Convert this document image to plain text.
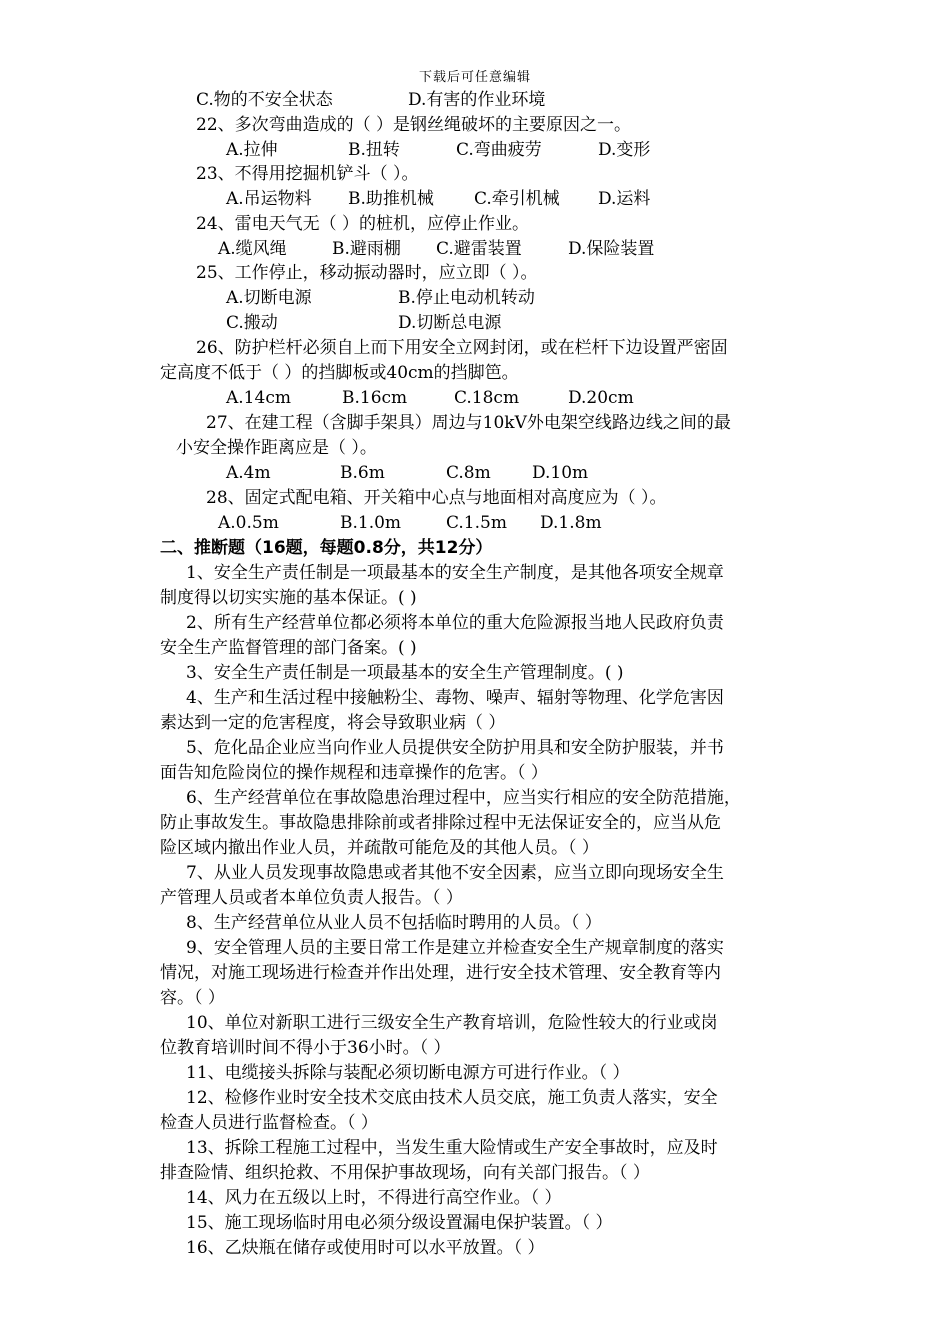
下载后可任意编辑
C.物的不安全状态	D.有害的作业环境
22、多次弯曲造成的（ ）是钢丝绳破坏的主要原因之一。
A.拉伸	B.扭转	C.弯曲疲劳	D.变形
23、不得用挖掘机铲斗（ ）。
A.吊运物料 B.助推机械 C.牵引机械 D.运料
24、雷电天气无（ ）的桩机，应停止作业。
A.缆风绳	B.避雨棚 C.避雷装置	D.保险装置
25、工作停止，移动振动器时，应立即（ ）。
A.切断电源	B.停止电动机转动
C.搬动	D.切断总电源
26、防护栏杆必须自上而下用安全立网封闭，或在栏杆下边设置严密固
定高度不低于（ ）的挡脚板或40cm的挡脚笆。
A.14cm	B.16cm	C.18cm	D.20cm
27、在建工程（含脚手架具）周边与10kV外电架空线路边线之间的最
小安全操作距离应是（ ）。
A.4m	B.6m	C.8m D.10m
28、固定式配电箱、开关箱中心点与地面相对高度应为（ ）。
A.0.5m	B.1.0m	C.1.5m D.1.8m
二、推断题（16题，每题0.8分，共12分）
1、安全生产责任制是一项最基本的安全生产制度，是其他各项安全规章
制度得以切实实施的基本保证。( )
2、所有生产经营单位都必须将本单位的重大危险源报当地人民政府负责
安全生产监督管理的部门备案。( )
3、安全生产责任制是一项最基本的安全生产管理制度。( )
4、生产和生活过程中接触粉尘、毒物、噪声、辐射等物理、化学危害因
素达到一定的危害程度，将会导致职业病（ ）
5、危化品企业应当向作业人员提供安全防护用具和安全防护服装，并书
面告知危险岗位的操作规程和违章操作的危害。（ ）
6、生产经营单位在事故隐患治理过程中，应当实行相应的安全防范措施，
防止事故发生。事故隐患排除前或者排除过程中无法保证安全的，应当从危
险区域内撤出作业人员，并疏散可能危及的其他人员。（ ）
7、从业人员发现事故隐患或者其他不安全因素，应当立即向现场安全生
产管理人员或者本单位负责人报告。（ ）
8、生产经营单位从业人员不包括临时聘用的人员。（ ）
9、安全管理人员的主要日常工作是建立并检查安全生产规章制度的落实
情况，对施工现场进行检查并作出处理，进行安全技术管理、安全教育等内
容。（ ）
10、单位对新职工进行三级安全生产教育培训，危险性较大的行业或岗
位教育培训时间不得小于36小时。（ ）
11、电缆接头拆除与装配必须切断电源方可进行作业。（ ）
12、检修作业时安全技术交底由技术人员交底，施工负责人落实，安全
检查人员进行监督检查。（ ）
13、拆除工程施工过程中，当发生重大险情或生产安全事故时，应及时
排查险情、组织抢救、不用保护事故现场，向有关部门报告。（ ）
14、风力在五级以上时，不得进行高空作业。（ ）
15、施工现场临时用电必须分级设置漏电保护装置。（ ）
16、乙炔瓶在储存或使用时可以水平放置。（ ）
